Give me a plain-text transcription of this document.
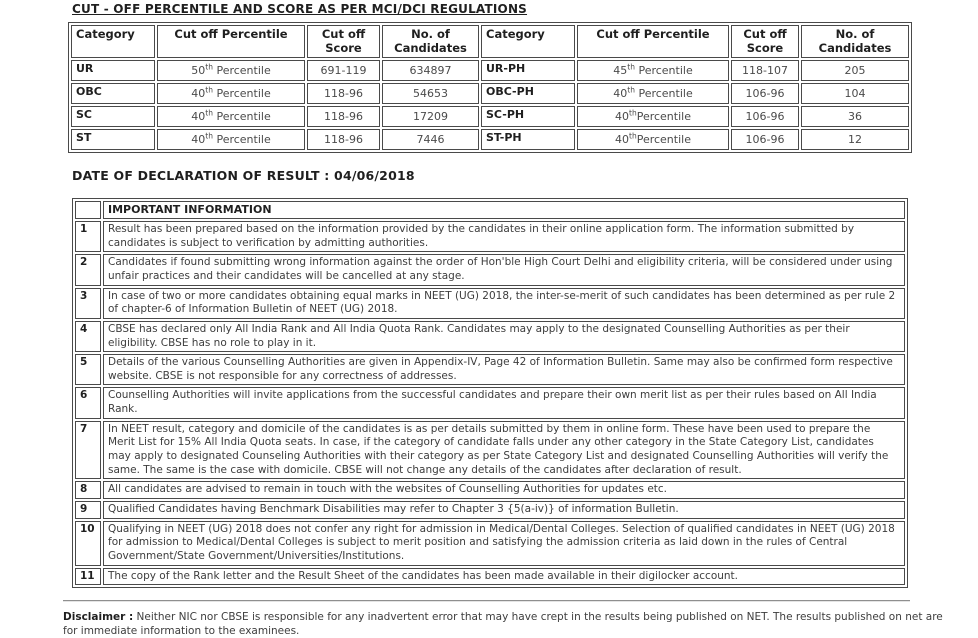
CUT - OFF PERCENTILE AND SCORE AS PER MCI/DCI REGULATIONS
Category	Cut off Percentile	Cut off Score	No. of Candidates	Category	Cut off Percentile	Cut off Score	No. of Candidates
UR	50th Percentile	691-119	634897	UR-PH	45th Percentile	118-107	205
OBC	40th Percentile	118-96	54653	OBC-PH	40th Percentile	106-96	104
SC	40th Percentile	118-96	17209	SC-PH	40thPercentile	106-96	36
ST	40th Percentile	118-96	7446	ST-PH	40thPercentile	106-96	12
DATE OF DECLARATION OF RESULT : 04/06/2018
	IMPORTANT INFORMATION
1	Result has been prepared based on the information provided by the candidates in their online application form. The information submitted by candidates is subject to verification by admitting authorities.
2	Candidates if found submitting wrong information against the order of Hon'ble High Court Delhi and eligibility criteria, will be considered under using unfair practices and their candidates will be cancelled at any stage.
3	In case of two or more candidates obtaining equal marks in NEET (UG) 2018, the inter-se-merit of such candidates has been determined as per rule 2 of chapter-6 of Information Bulletin of NEET (UG) 2018.
4	CBSE has declared only All India Rank and All India Quota Rank. Candidates may apply to the designated Counselling Authorities as per their eligibility. CBSE has no role to play in it.
5	Details of the various Counselling Authorities are given in Appendix-IV, Page 42 of Information Bulletin. Same may also be confirmed form respective website. CBSE is not responsible for any correctness of addresses.
6	Counselling Authorities will invite applications from the successful candidates and prepare their own merit list as per their rules based on All India Rank.
7	In NEET result, category and domicile of the candidates is as per details submitted by them in online form. These have been used to prepare the Merit List for 15% All India Quota seats. In case, if the category of candidate falls under any other category in the State Category List, candidates may apply to designated Counseling Authorities with their category as per State Category List and designated Counselling Authorities will verify the same. The same is the case with domicile. CBSE will not change any details of the candidates after declaration of result.
8	All candidates are advised to remain in touch with the websites of Counselling Authorities for updates etc.
9	Qualified Candidates having Benchmark Disabilities may refer to Chapter 3 {5(a-iv)} of information Bulletin.
10	Qualifying in NEET (UG) 2018 does not confer any right for admission in Medical/Dental Colleges. Selection of qualified candidates in NEET (UG) 2018 for admission to Medical/Dental Colleges is subject to merit position and satisfying the admission criteria as laid down in the rules of Central Government/State Government/Universities/Institutions.
11	The copy of the Rank letter and the Result Sheet of the candidates has been made available in their digilocker account.

Disclaimer : Neither NIC nor CBSE is responsible for any inadvertent error that may have crept in the results being published on NET. The results published on net are for immediate information to the examinees.
